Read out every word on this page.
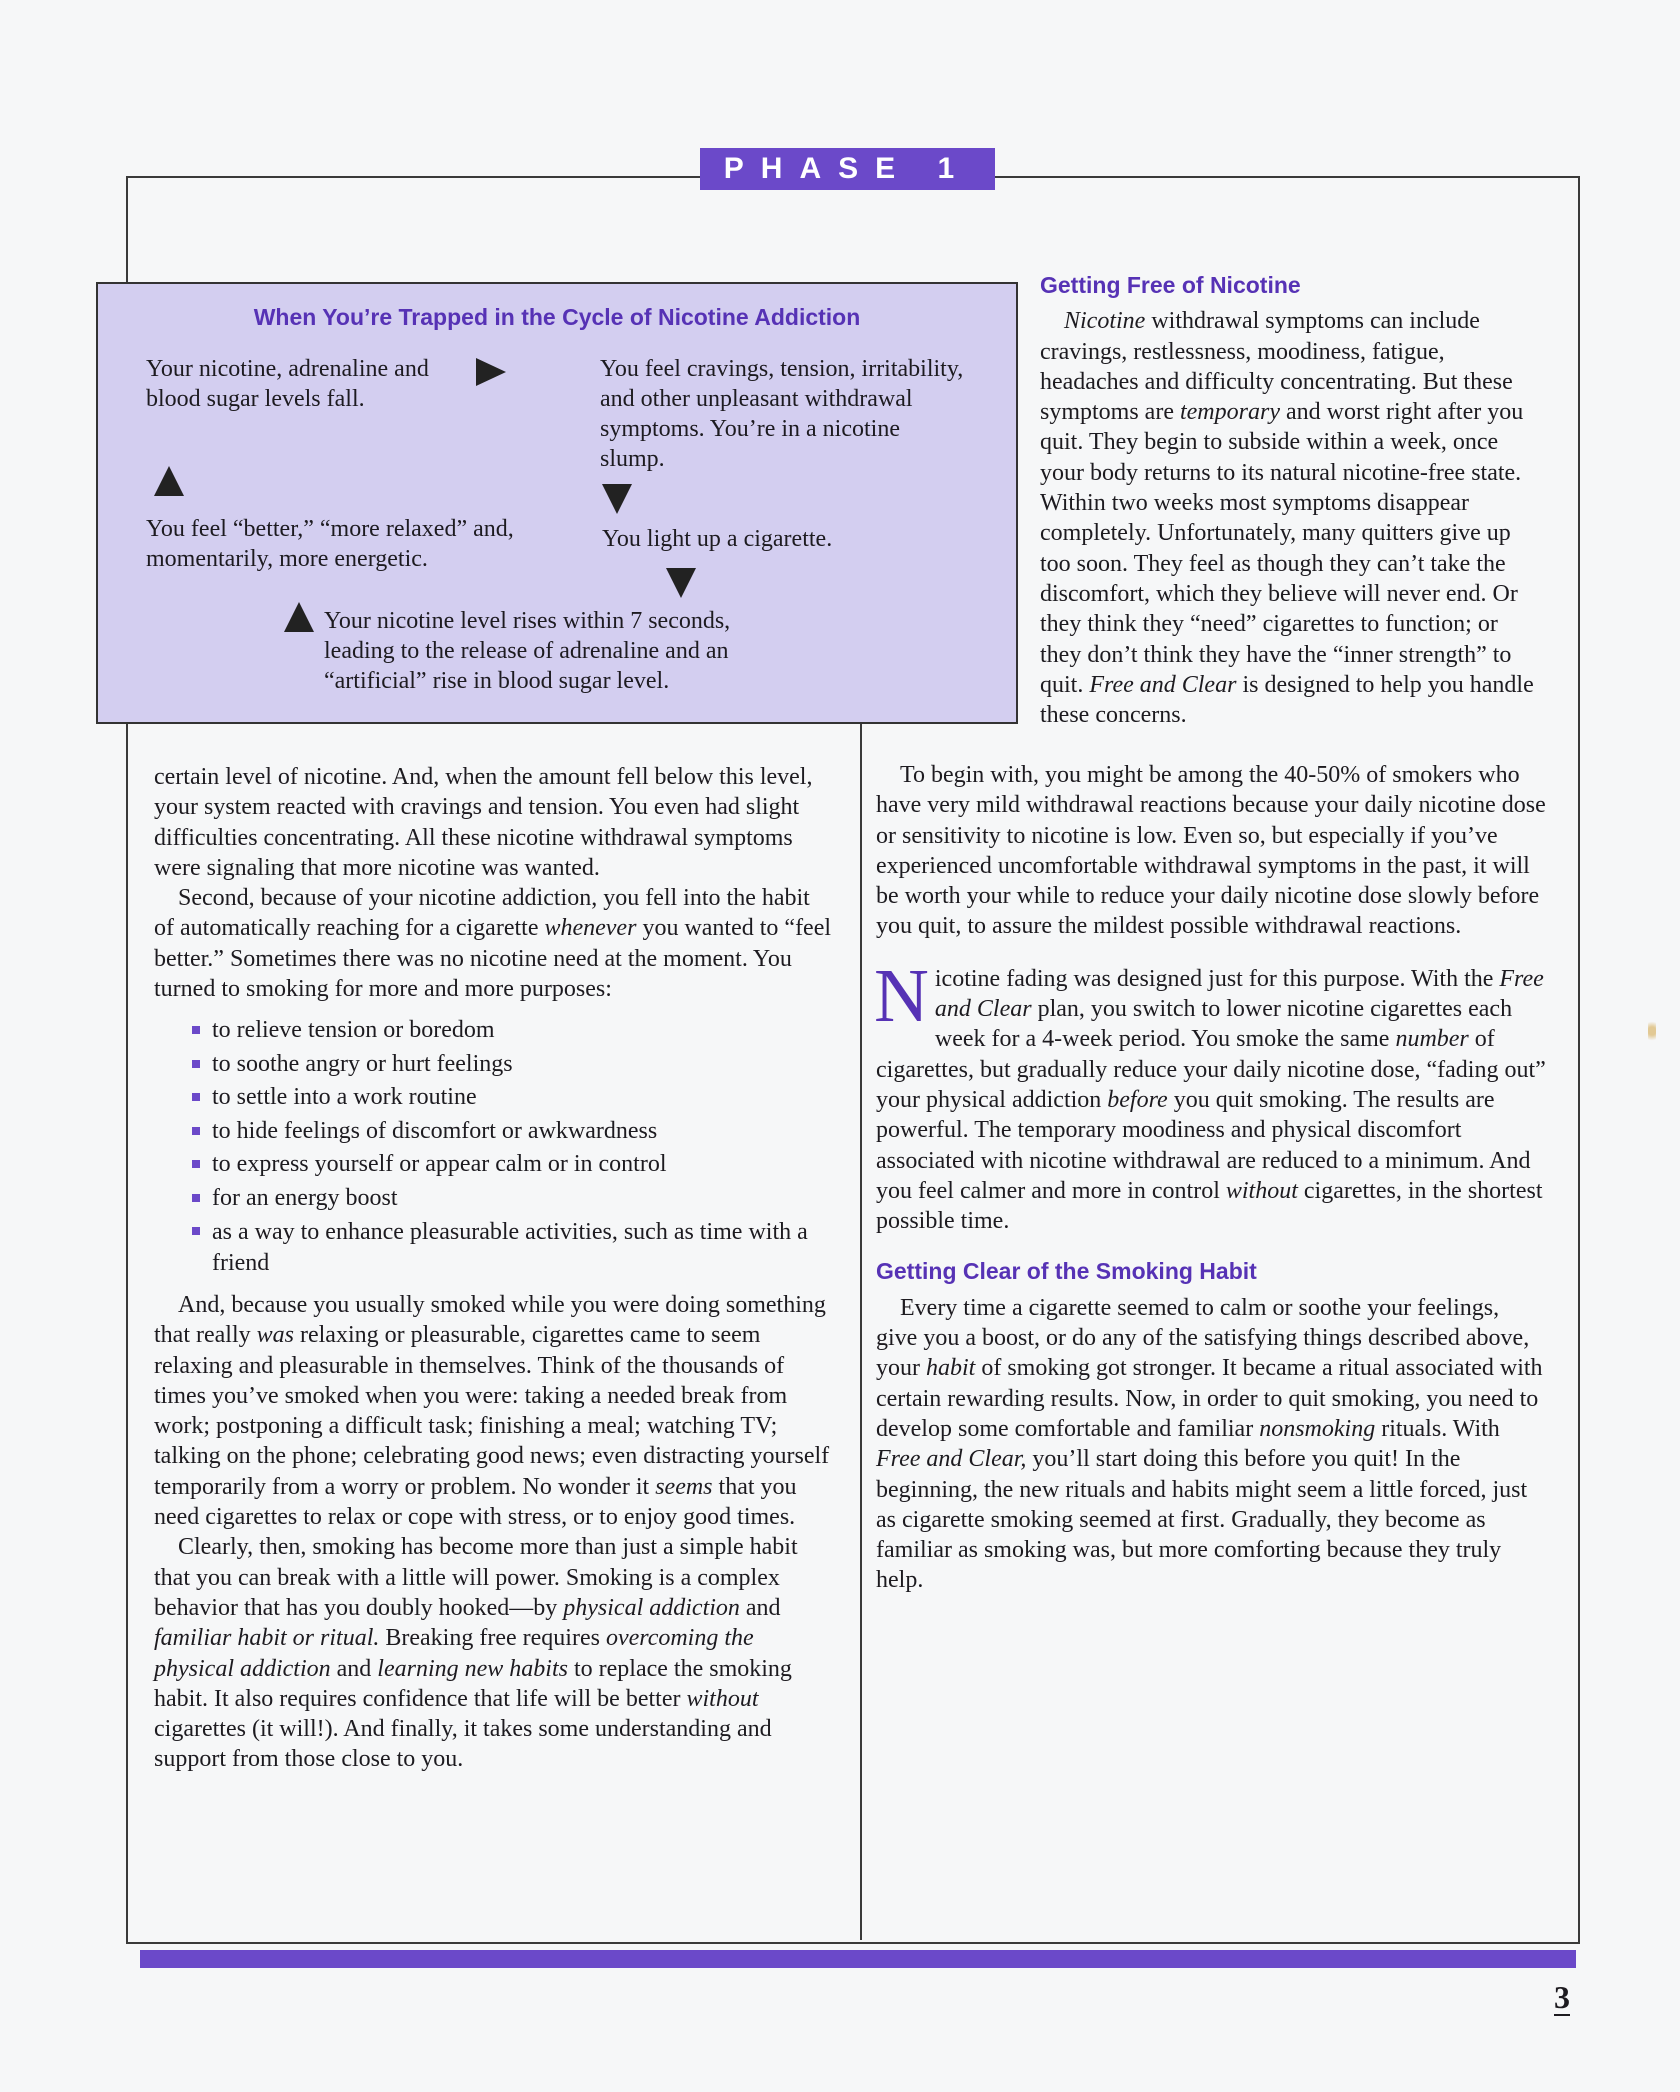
PHASE 1
When You’re Trapped in the Cycle of Nicotine Addiction
Your nicotine, adrenaline and blood sugar levels fall.
You feel cravings, tension, irritability, and other unpleasant withdrawal symptoms. You’re in a nicotine slump.
You light up a cigarette.
Your nicotine level rises within 7 seconds, leading to the release of adrenaline and an “artificial” rise in blood sugar level.
You feel “better,” “more relaxed” and, momentarily, more energetic.

certain level of nicotine. And, when the amount fell below this level, your system reacted with cravings and tension. You even had slight difficulties concentrating. All these nicotine withdrawal symptoms were signaling that more nicotine was wanted.

Second, because of your nicotine addiction, you fell into the habit of automatically reaching for a cigarette whenever you wanted to “feel better.” Sometimes there was no nicotine need at the moment. You turned to smoking for more and more purposes:

to relieve tension or boredom
to soothe angry or hurt feelings
to settle into a work routine
to hide feelings of discomfort or awkwardness
to express yourself or appear calm or in control
for an energy boost
as a way to enhance pleasurable activities, such as time with a friend

And, because you usually smoked while you were doing something that really was relaxing or pleasurable, cigarettes came to seem relaxing and pleasurable in themselves. Think of the thousands of times you’ve smoked when you were: taking a needed break from work; postponing a difficult task; finishing a meal; watching TV; talking on the phone; celebrating good news; even distracting yourself temporarily from a worry or problem. No wonder it seems that you need cigarettes to relax or cope with stress, or to enjoy good times.

Clearly, then, smoking has become more than just a simple habit that you can break with a little will power. Smoking is a complex behavior that has you doubly hooked—by physical addiction and familiar habit or ritual. Breaking free requires overcoming the physical addiction and learning new habits to replace the smoking habit. It also requires confidence that life will be better without cigarettes (it will!). And finally, it takes some understanding and support from those close to you.

Getting Free of Nicotine

Nicotine withdrawal symptoms can include cravings, restlessness, moodiness, fatigue, headaches and difficulty concentrating. But these symptoms are temporary and worst right after you quit. They begin to subside within a week, once your body returns to its natural nicotine-free state. Within two weeks most symptoms disappear completely. Unfortunately, many quitters give up too soon. They feel as though they can’t take the discomfort, which they believe will never end. Or they think they “need” cigarettes to function; or they don’t think they have the “inner strength” to quit. Free and Clear is designed to help you handle these concerns.

To begin with, you might be among the 40-50% of smokers who have very mild withdrawal reactions because your daily nicotine dose or sensitivity to nicotine is low. Even so, but especially if you’ve experienced uncomfortable withdrawal symptoms in the past, it will be worth your while to reduce your daily nicotine dose slowly before you quit, to assure the mildest possible withdrawal reactions.

Nicotine fading was designed just for this purpose. With the Free and Clear plan, you switch to lower nicotine cigarettes each week for a 4-week period. You smoke the same number of cigarettes, but gradually reduce your daily nicotine dose, “fading out” your physical addiction before you quit smoking. The results are powerful. The temporary moodiness and physical discomfort associated with nicotine withdrawal are reduced to a minimum. And you feel calmer and more in control without cigarettes, in the shortest possible time.

Getting Clear of the Smoking Habit

Every time a cigarette seemed to calm or soothe your feelings, give you a boost, or do any of the satisfying things described above, your habit of smoking got stronger. It became a ritual associated with certain rewarding results. Now, in order to quit smoking, you need to develop some comfortable and familiar nonsmoking rituals. With Free and Clear, you’ll start doing this before you quit! In the beginning, the new rituals and habits might seem a little forced, just as cigarette smoking seemed at first. Gradually, they become as familiar as smoking was, but more comforting because they truly help.

3
